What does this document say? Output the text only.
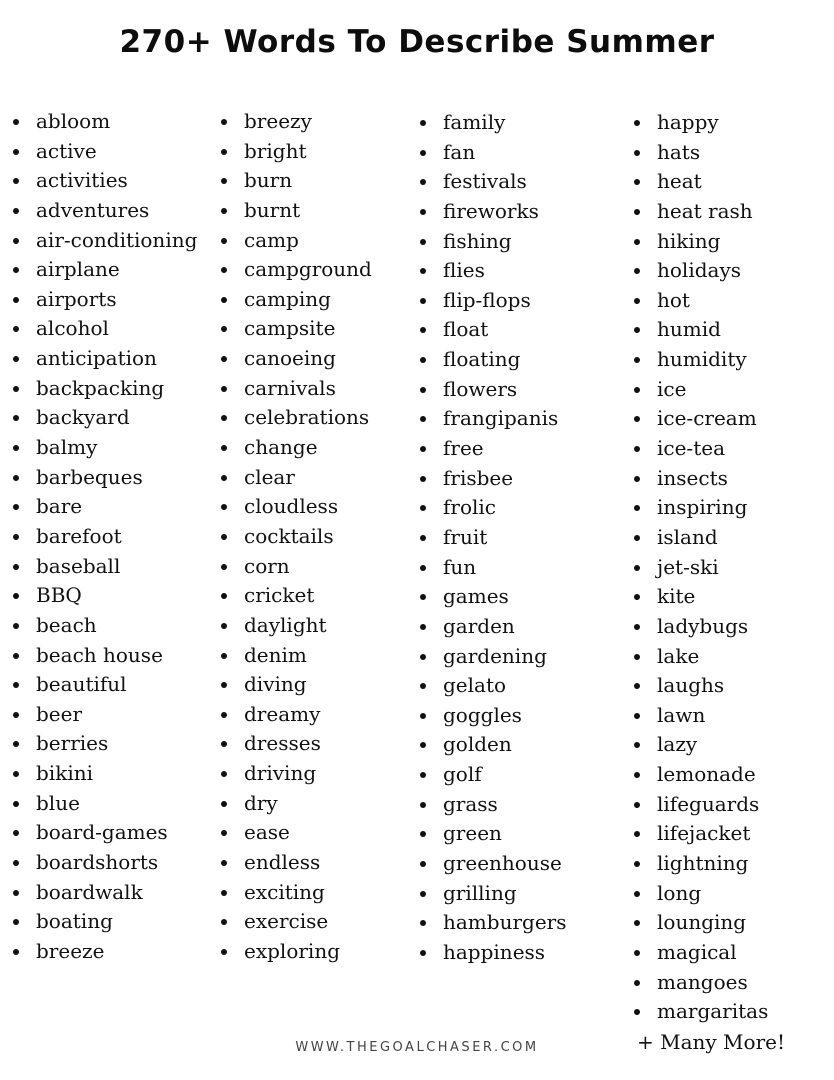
270+ Words To Describe Summer
abloom
active
activities
adventures
air-conditioning
airplane
airports
alcohol
anticipation
backpacking
backyard
balmy
barbeques
bare
barefoot
baseball
BBQ
beach
beach house
beautiful
beer
berries
bikini
blue
board-games
boardshorts
boardwalk
boating
breeze
breezy
bright
burn
burnt
camp
campground
camping
campsite
canoeing
carnivals
celebrations
change
clear
cloudless
cocktails
corn
cricket
daylight
denim
diving
dreamy
dresses
driving
dry
ease
endless
exciting
exercise
exploring
family
fan
festivals
fireworks
fishing
flies
flip-flops
float
floating
flowers
frangipanis
free
frisbee
frolic
fruit
fun
games
garden
gardening
gelato
goggles
golden
golf
grass
green
greenhouse
grilling
hamburgers
happiness
happy
hats
heat
heat rash
hiking
holidays
hot
humid
humidity
ice
ice-cream
ice-tea
insects
inspiring
island
jet-ski
kite
ladybugs
lake
laughs
lawn
lazy
lemonade
lifeguards
lifejacket
lightning
long
lounging
magical
mangoes
margaritas
+ Many More!
WWW.THEGOALCHASER.COM
